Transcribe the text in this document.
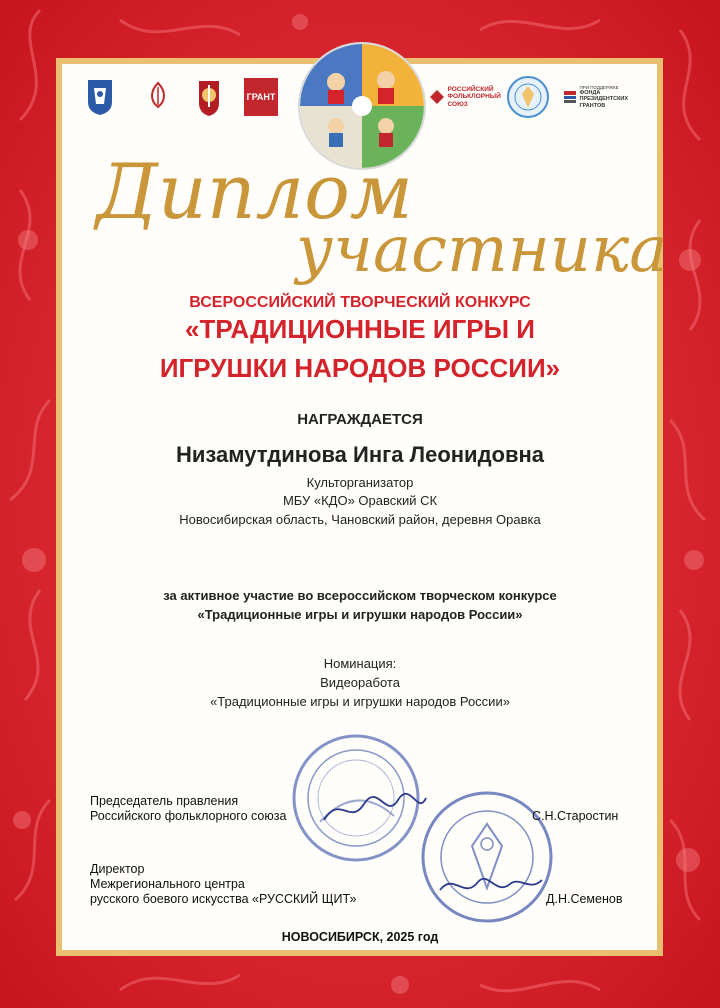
ГРАНТ
РОССИЙСКИЙ ФОЛЬКЛОРНЫЙ СОЮЗ
ПРИ ПОДДЕРЖКЕ
ФОНДА ПРЕЗИДЕНТСКИХ ГРАНТОВ
Диплом
участника
ВСЕРОССИЙСКИЙ ТВОРЧЕСКИЙ КОНКУРС
«ТРАДИЦИОННЫЕ ИГРЫ И
ИГРУШКИ НАРОДОВ РОССИИ»
НАГРАЖДАЕТСЯ
Низамутдинова Инга Леонидовна
Культорганизатор
МБУ «КДО» Оравский СК
Новосибирская область, Чановский район, деревня Оравка
за активное участие во всероссийском творческом конкурсе
«Традиционные игры и игрушки народов России»
Номинация:
Видеоработа
«Традиционные игры и игрушки народов России»
Председатель правления
Российского фольклорного союза	С.Н.Старостин
Директор
Межрегионального центра
русского боевого искусства «РУССКИЙ ЩИТ»	Д.Н.Семенов
НОВОСИБИРСК, 2025 год
